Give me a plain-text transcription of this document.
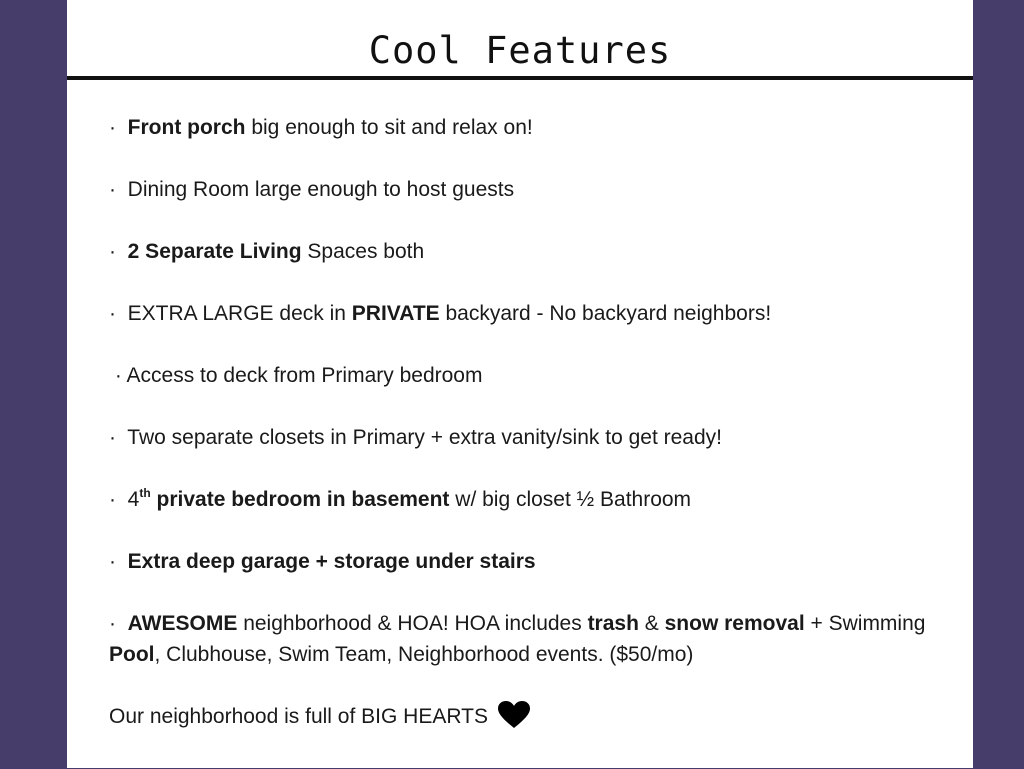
Cool Features
· Front porch big enough to sit and relax on!
· Dining Room large enough to host guests
· 2 Separate Living Spaces both
· EXTRA LARGE deck in PRIVATE backyard - No backyard neighbors!
· Access to deck from Primary bedroom
· Two separate closets in Primary + extra vanity/sink to get ready!
· 4th private bedroom in basement w/ big closet ½ Bathroom
· Extra deep garage + storage under stairs
· AWESOME neighborhood & HOA! HOA includes trash & snow removal + Swimming Pool, Clubhouse, Swim Team, Neighborhood events. ($50/mo)
Our neighborhood is full of BIG HEARTS
